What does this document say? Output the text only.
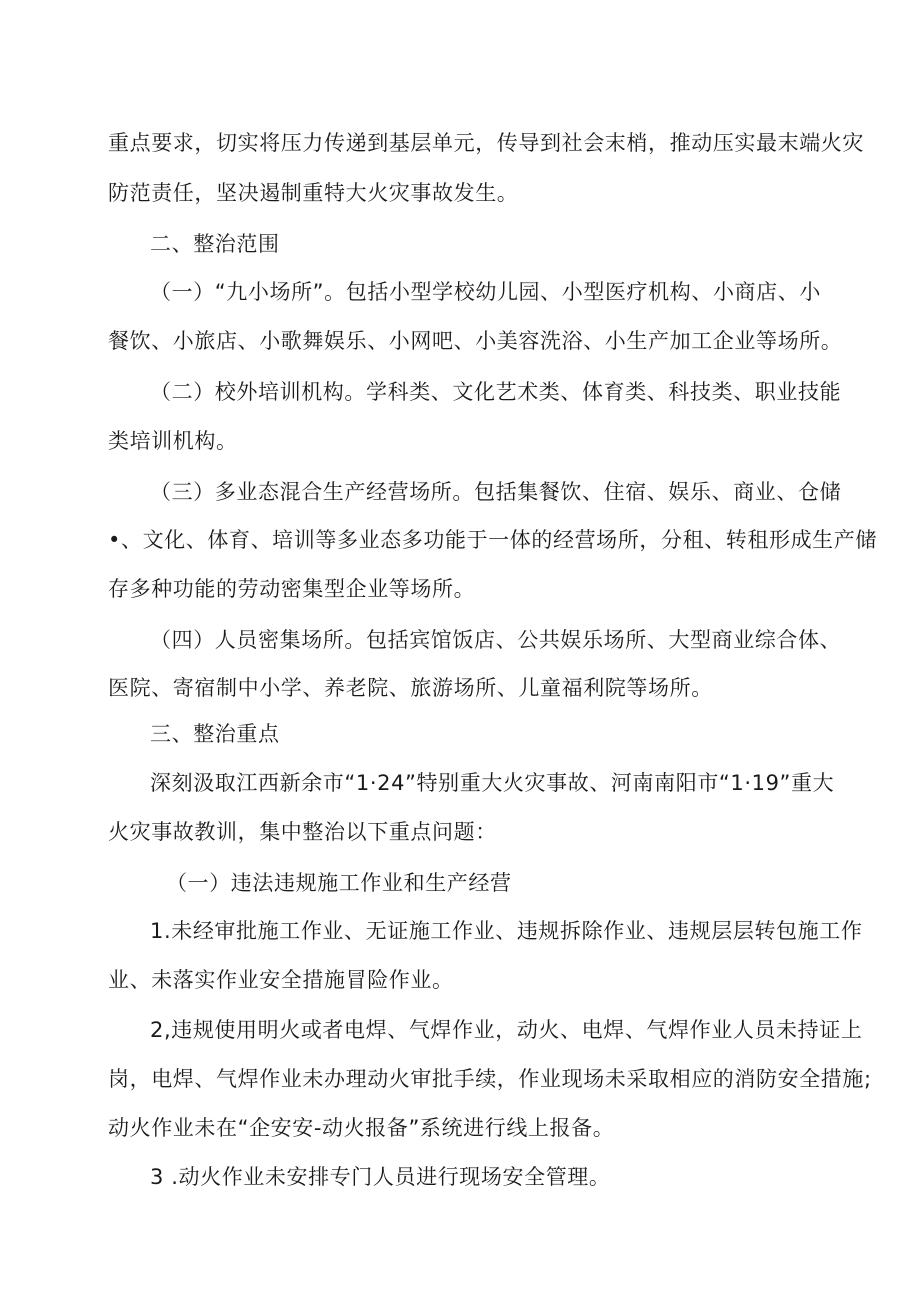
重点要求，切实将压力传递到基层单元，传导到社会末梢，推动压实最末端火灾
防范责任，坚决遏制重特大火灾事故发生。
二、整治范围
（一）“九小场所”。包括小型学校幼儿园、小型医疗机构、小商店、小
餐饮、小旅店、小歌舞娱乐、小网吧、小美容洗浴、小生产加工企业等场所。
（二）校外培训机构。学科类、文化艺术类、体育类、科技类、职业技能
类培训机构。
（三）多业态混合生产经营场所。包括集餐饮、住宿、娱乐、商业、仓储
•、文化、体育、培训等多业态多功能于一体的经营场所，分租、转租形成生产储
存多种功能的劳动密集型企业等场所。
（四）人员密集场所。包括宾馆饭店、公共娱乐场所、大型商业综合体、
医院、寄宿制中小学、养老院、旅游场所、儿童福利院等场所。
三、整治重点
深刻汲取江西新余市“1·24”特别重大火灾事故、河南南阳市“1·19”重大
火灾事故教训，集中整治以下重点问题：
（一）违法违规施工作业和生产经营
1.未经审批施工作业、无证施工作业、违规拆除作业、违规层层转包施工作
业、未落实作业安全措施冒险作业。
2,违规使用明火或者电焊、气焊作业，动火、电焊、气焊作业人员未持证上
岗，电焊、气焊作业未办理动火审批手续，作业现场未采取相应的消防安全措施;
动火作业未在“企安安-动火报备”系统进行线上报备。
3 .动火作业未安排专门人员进行现场安全管理。
